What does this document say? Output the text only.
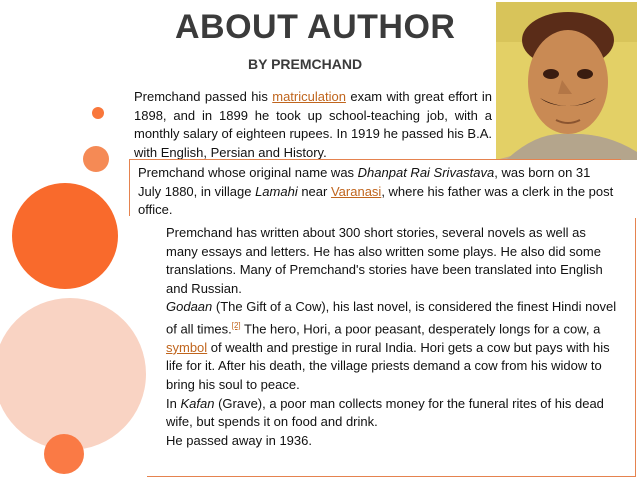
ABOUT AUTHOR
BY PREMCHAND

Premchand passed his matriculation exam with great effort in 1898, and in 1899 he took up school-teaching job, with a monthly salary of eighteen rupees. In 1919 he passed his B.A. with English, Persian and History.

Premchand whose original name was Dhanpat Rai Srivastava, was born on 31 July 1880, in village Lamahi near Varanasi, where his father was a clerk in the post office.

Premchand has written about 300 short stories, several novels as well as many essays and letters. He has also written some plays. He also did some translations. Many of Premchand's stories have been translated into English and Russian.
Godaan (The Gift of a Cow), his last novel, is considered the finest Hindi novel of all times.[2] The hero, Hori, a poor peasant, desperately longs for a cow, a symbol of wealth and prestige in rural India. Hori gets a cow but pays with his life for it. After his death, the village priests demand a cow from his widow to bring his soul to peace.
In Kafan (Grave), a poor man collects money for the funeral rites of his dead wife, but spends it on food and drink.
He passed away in 1936.
